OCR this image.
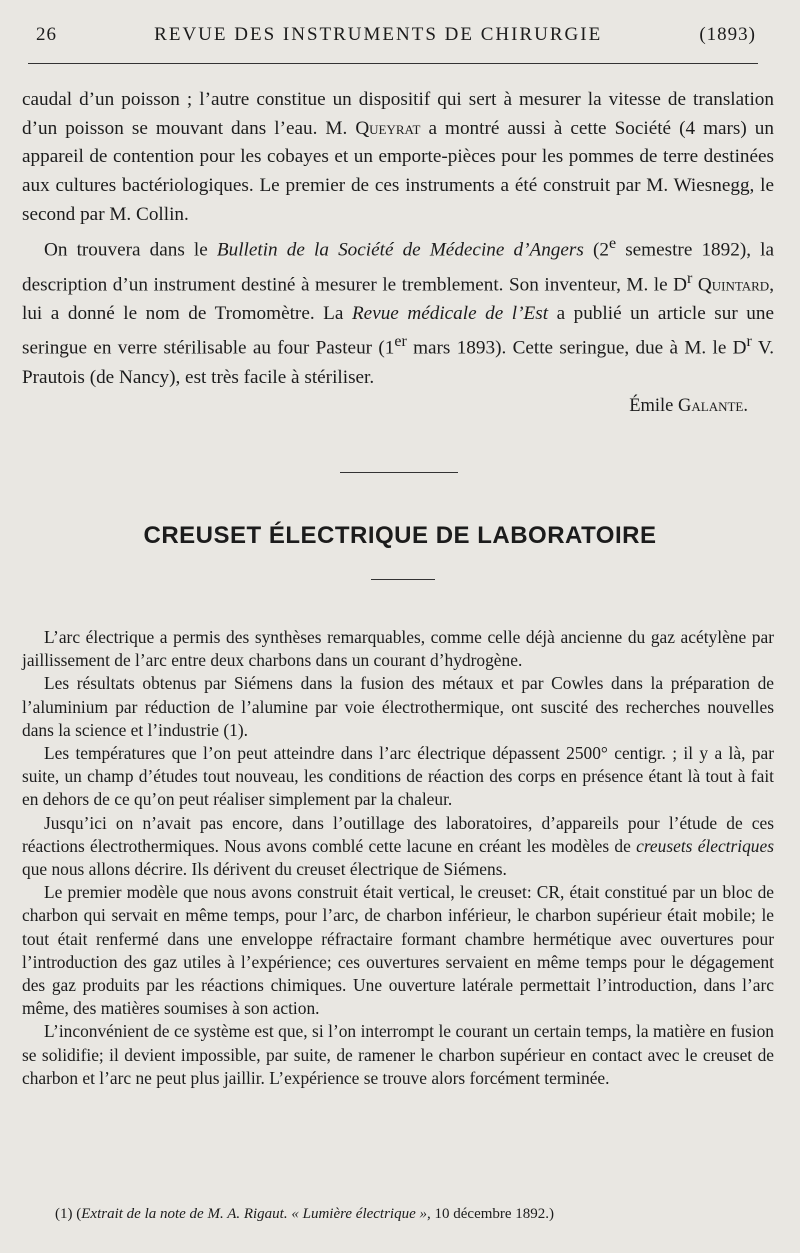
26	REVUE DES INSTRUMENTS DE CHIRURGIE	(1893)

caudal d’un poisson ; l’autre constitue un dispositif qui sert à mesurer la vitesse de translation d’un poisson se mouvant dans l’eau. M. Queyrat a montré aussi à cette Société (4 mars) un appareil de contention pour les cobayes et un emporte-pièces pour les pommes de terre destinées aux cultures bactériologiques. Le premier de ces instruments a été construit par M. Wiesnegg, le second par M. Collin.

On trouvera dans le Bulletin de la Société de Médecine d’Angers (2e semestre 1892), la description d’un instrument destiné à mesurer le tremblement. Son inventeur, M. le $D^r$ Quintard, lui a donné le nom de Tromomètre. La Revue médicale de l’Est a publié un article sur une seringue en verre stérilisable au four Pasteur (1er mars 1893). Cette seringue, due à M. le $D^r$ V. Prautois (de Nancy), est très facile à stériliser.

Émile Galante.

CREUSET ÉLECTRIQUE DE LABORATOIRE

L’arc électrique a permis des synthèses remarquables, comme celle déjà ancienne du gaz acétylène par jaillissement de l’arc entre deux charbons dans un courant d’hydrogène.

Les résultats obtenus par Siémens dans la fusion des métaux et par Cowles dans la préparation de l’aluminium par réduction de l’alumine par voie électrothermique, ont suscité des recherches nouvelles dans la science et l’industrie (1).

Les températures que l’on peut atteindre dans l’arc électrique dépassent 2500° centigr. ; il y a là, par suite, un champ d’études tout nouveau, les conditions de réaction des corps en présence étant là tout à fait en dehors de ce qu’on peut réaliser simplement par la chaleur.

Jusqu’ici on n’avait pas encore, dans l’outillage des laboratoires, d’appareils pour l’étude de ces réactions électrothermiques. Nous avons comblé cette lacune en créant les modèles de creusets électriques que nous allons décrire. Ils dérivent du creuset électrique de Siémens.

Le premier modèle que nous avons construit était vertical, le creuset: CR, était constitué par un bloc de charbon qui servait en même temps, pour l’arc, de charbon inférieur, le charbon supérieur était mobile; le tout était renfermé dans une enveloppe réfractaire formant chambre hermétique avec ouvertures pour l’introduction des gaz utiles à l’expérience; ces ouvertures servaient en même temps pour le dégagement des gaz produits par les réactions chimiques. Une ouverture latérale permettait l’introduction, dans l’arc même, des matières soumises à son action.

L’inconvénient de ce système est que, si l’on interrompt le courant un certain temps, la matière en fusion se solidifie; il devient impossible, par suite, de ramener le charbon supérieur en contact avec le creuset de charbon et l’arc ne peut plus jaillir. L’expérience se trouve alors forcément terminée.

(1) (Extrait de la note de M. A. Rigaut. « Lumière électrique », 10 décembre 1892.)
